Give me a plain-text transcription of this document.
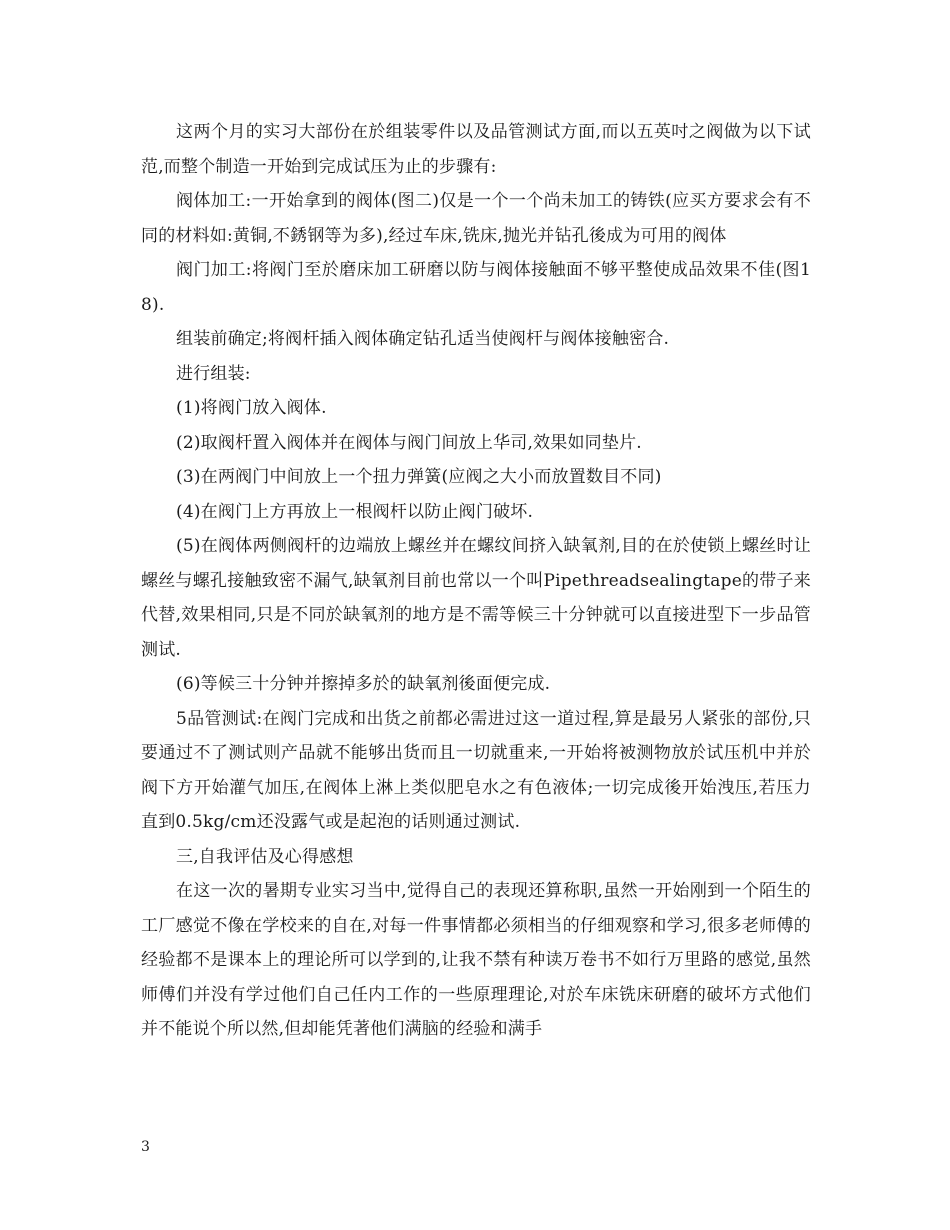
这两个月的实习大部份在於组装零件以及品管测试方面,而以五英吋之阀做为以下试范,而整个制造一开始到完成试压为止的步骤有:

阀体加工:一开始拿到的阀体(图二)仅是一个一个尚未加工的铸铁(应买方要求会有不同的材料如:黄铜,不銹钢等为多),经过车床,铣床,抛光并钻孔後成为可用的阀体

阀门加工:将阀门至於磨床加工研磨以防与阀体接触面不够平整使成品效果不佳(图18).

组装前确定;将阀杆插入阀体确定钻孔适当使阀杆与阀体接触密合.

进行组装:

(1)将阀门放入阀体.

(2)取阀杆置入阀体并在阀体与阀门间放上华司,效果如同垫片.

(3)在两阀门中间放上一个扭力弹簧(应阀之大小而放置数目不同)

(4)在阀门上方再放上一根阀杆以防止阀门破坏.

(5)在阀体两侧阀杆的边端放上螺丝并在螺纹间挤入缺氧剂,目的在於使锁上螺丝时让螺丝与螺孔接触致密不漏气,缺氧剂目前也常以一个叫Pipethreadsealingtape的带子来代替,效果相同,只是不同於缺氧剂的地方是不需等候三十分钟就可以直接进型下一步品管测试.

(6)等候三十分钟并擦掉多於的缺氧剂後面便完成.

5品管测试:在阀门完成和出货之前都必需进过这一道过程,算是最另人紧张的部份,只要通过不了测试则产品就不能够出货而且一切就重来,一开始将被测物放於试压机中并於阀下方开始灌气加压,在阀体上淋上类似肥皂水之有色液体;一切完成後开始洩压,若压力直到0.5kg/cm还没露气或是起泡的话则通过测试.

三,自我评估及心得感想

在这一次的暑期专业实习当中,觉得自己的表现还算称职,虽然一开始刚到一个陌生的工厂感觉不像在学校来的自在,对每一件事情都必须相当的仔细观察和学习,很多老师傅的经验都不是课本上的理论所可以学到的,让我不禁有种读万卷书不如行万里路的感觉,虽然师傅们并没有学过他们自己任内工作的一些原理理论,对於车床铣床研磨的破坏方式他们并不能说个所以然,但却能凭著他们满脑的经验和满手

3
